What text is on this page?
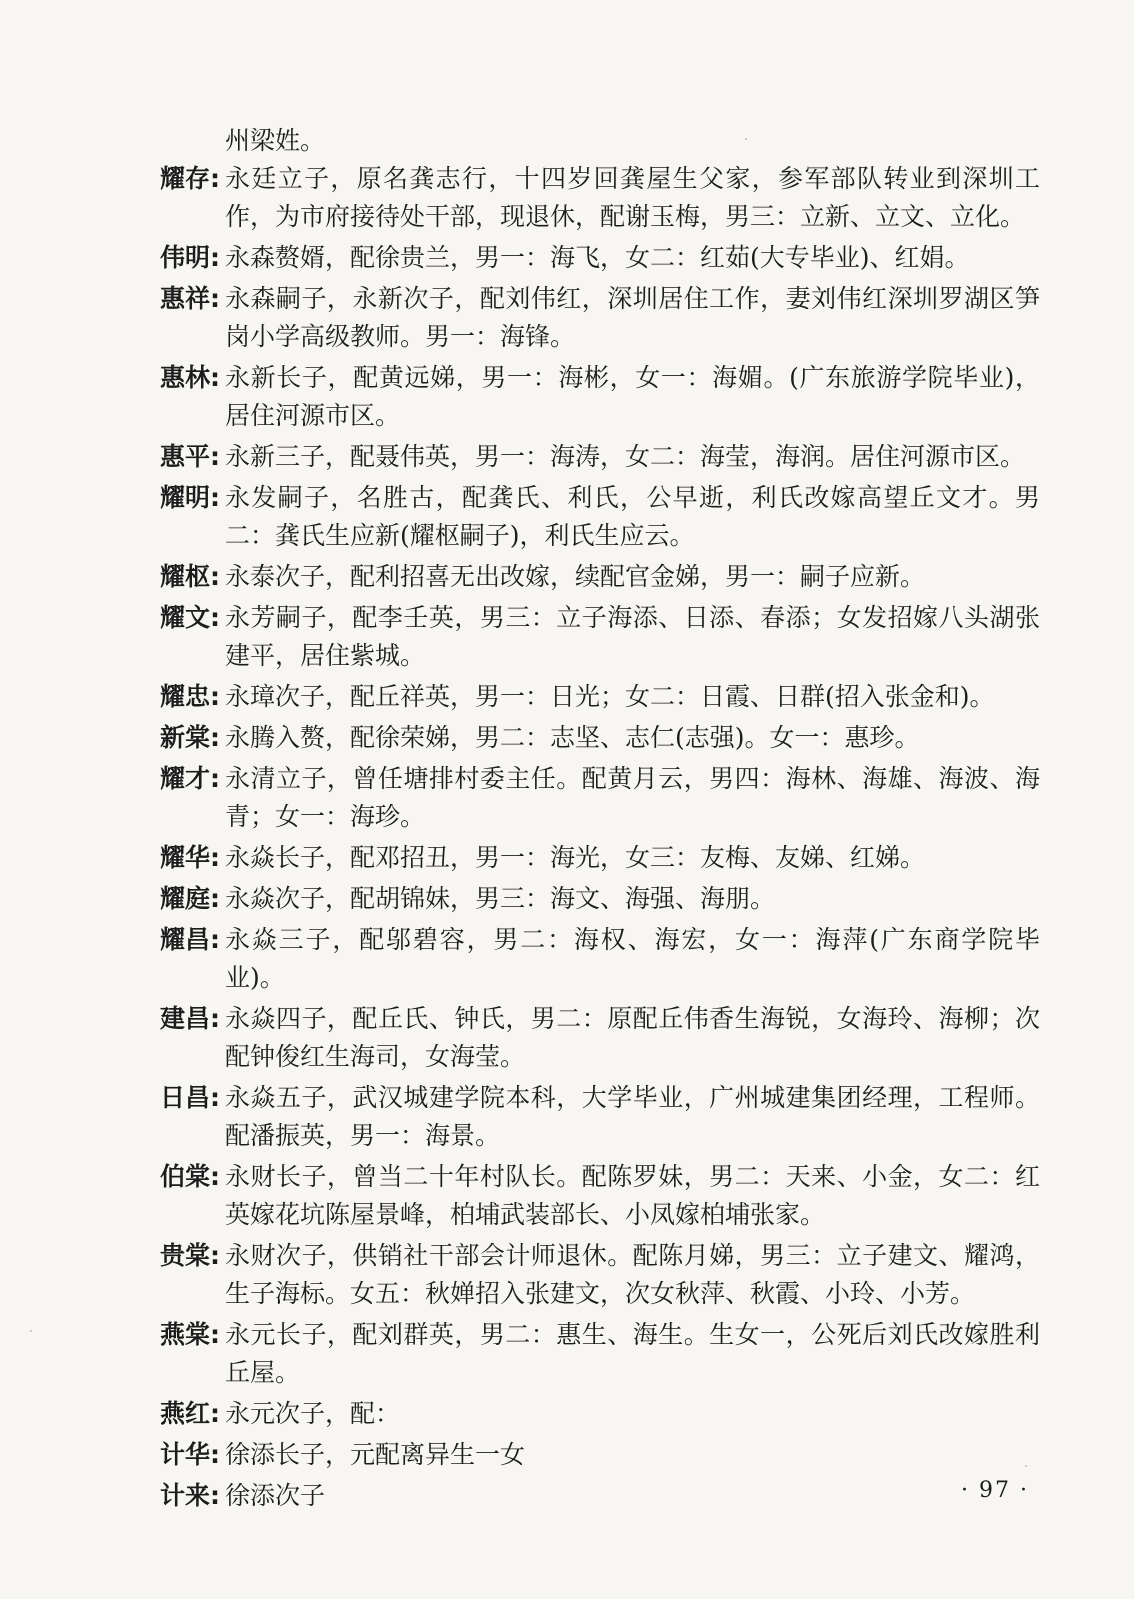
州梁姓。
耀存: 永廷立子，原名龚志行，十四岁回龚屋生父家，参军部队转业到深圳工作，为市府接待处干部，现退休，配谢玉梅，男三：立新、立文、立化。
伟明: 永森赘婿，配徐贵兰，男一：海飞，女二：红茹(大专毕业)、红娟。
惠祥: 永森嗣子，永新次子，配刘伟红，深圳居住工作，妻刘伟红深圳罗湖区笋岗小学高级教师。男一：海锋。
惠林: 永新长子，配黄远娣，男一：海彬，女一：海媚。(广东旅游学院毕业)，居住河源市区。
惠平: 永新三子，配聂伟英，男一：海涛，女二：海莹，海润。居住河源市区。
耀明: 永发嗣子，名胜古，配龚氏、利氏，公早逝，利氏改嫁高望丘文才。男二：龚氏生应新(耀枢嗣子)，利氏生应云。
耀枢: 永泰次子，配利招喜无出改嫁，续配官金娣，男一：嗣子应新。
耀文: 永芳嗣子，配李壬英，男三：立子海添、日添、春添；女发招嫁八头湖张建平，居住紫城。
耀忠: 永璋次子，配丘祥英，男一：日光；女二：日霞、日群(招入张金和)。
新棠: 永腾入赘，配徐荣娣，男二：志坚、志仁(志强)。女一：惠珍。
耀才: 永清立子，曾任塘排村委主任。配黄月云，男四：海林、海雄、海波、海青；女一：海珍。
耀华: 永焱长子，配邓招丑，男一：海光，女三：友梅、友娣、红娣。
耀庭: 永焱次子，配胡锦妹，男三：海文、海强、海朋。
耀昌: 永焱三子，配邬碧容，男二：海权、海宏，女一：海萍(广东商学院毕业)。
建昌: 永焱四子，配丘氏、钟氏，男二：原配丘伟香生海锐，女海玲、海柳；次配钟俊红生海司，女海莹。
日昌: 永焱五子，武汉城建学院本科，大学毕业，广州城建集团经理，工程师。配潘振英，男一：海景。
伯棠: 永财长子，曾当二十年村队长。配陈罗妹，男二：天来、小金，女二：红英嫁花坑陈屋景峰，柏埔武装部长、小凤嫁柏埔张家。
贵棠: 永财次子，供销社干部会计师退休。配陈月娣，男三：立子建文、耀鸿，生子海标。女五：秋婵招入张建文，次女秋萍、秋霞、小玲、小芳。
燕棠: 永元长子，配刘群英，男二：惠生、海生。生女一，公死后刘氏改嫁胜利丘屋。
燕红: 永元次子，配：
计华: 徐添长子，元配离异生一女
计来: 徐添次子	· 97 ·
